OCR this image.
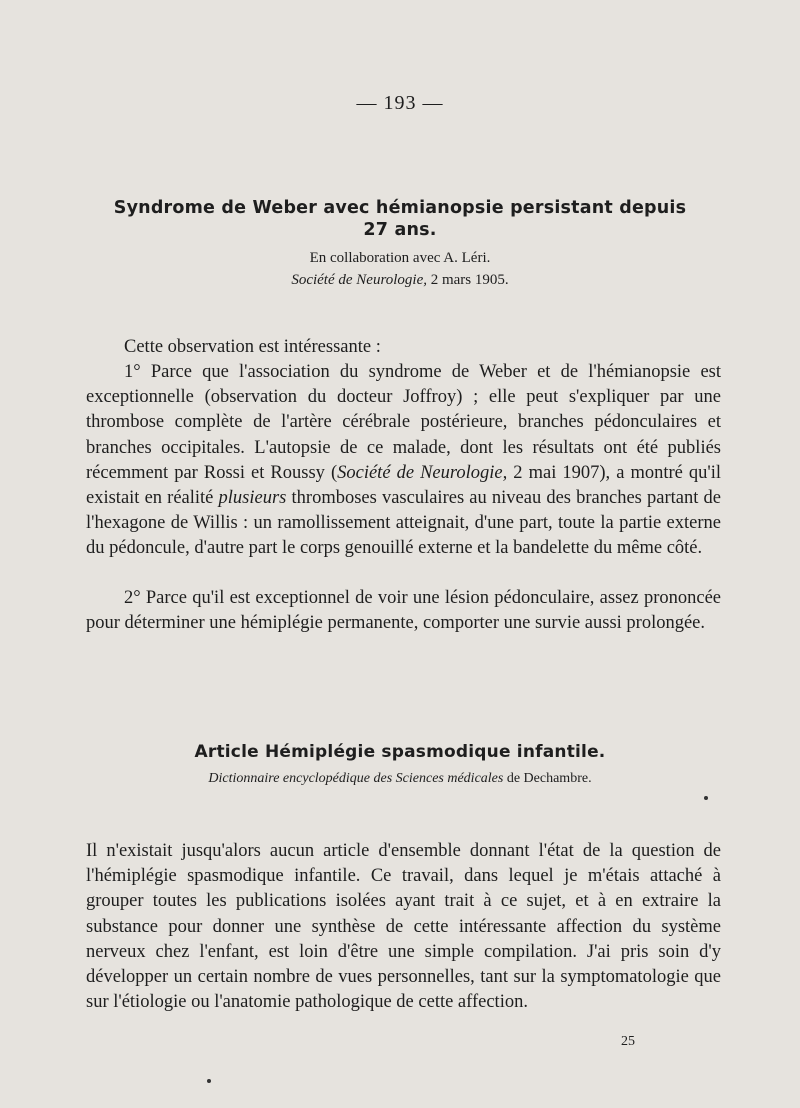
— 193 —
Syndrome de Weber avec hémianopsie persistant depuis 27 ans.
En collaboration avec A. Léri.
Société de Neurologie, 2 mars 1905.
Cette observation est intéressante :
1° Parce que l'association du syndrome de Weber et de l'hémianopsie est exceptionnelle (observation du docteur Joffroy) ; elle peut s'expliquer par une thrombose complète de l'artère cérébrale postérieure, branches pédonculaires et branches occipitales. L'autopsie de ce malade, dont les résultats ont été publiés récemment par Rossi et Roussy (Société de Neurologie, 2 mai 1907), a montré qu'il existait en réalité plusieurs thromboses vasculaires au niveau des branches partant de l'hexagone de Willis : un ramollissement atteignait, d'une part, toute la partie externe du pédoncule, d'autre part le corps genouillé externe et la bandelette du même côté.
2° Parce qu'il est exceptionnel de voir une lésion pédonculaire, assez prononcée pour déterminer une hémiplégie permanente, comporter une survie aussi prolongée.
Article Hémiplégie spasmodique infantile.
Dictionnaire encyclopédique des Sciences médicales de Dechambre.
Il n'existait jusqu'alors aucun article d'ensemble donnant l'état de la question de l'hémiplégie spasmodique infantile. Ce travail, dans lequel je m'étais attaché à grouper toutes les publications isolées ayant trait à ce sujet, et à en extraire la substance pour donner une synthèse de cette intéressante affection du système nerveux chez l'enfant, est loin d'être une simple compilation. J'ai pris soin d'y développer un certain nombre de vues personnelles, tant sur la symptomatologie que sur l'étiologie ou l'anatomie pathologique de cette affection.
25
